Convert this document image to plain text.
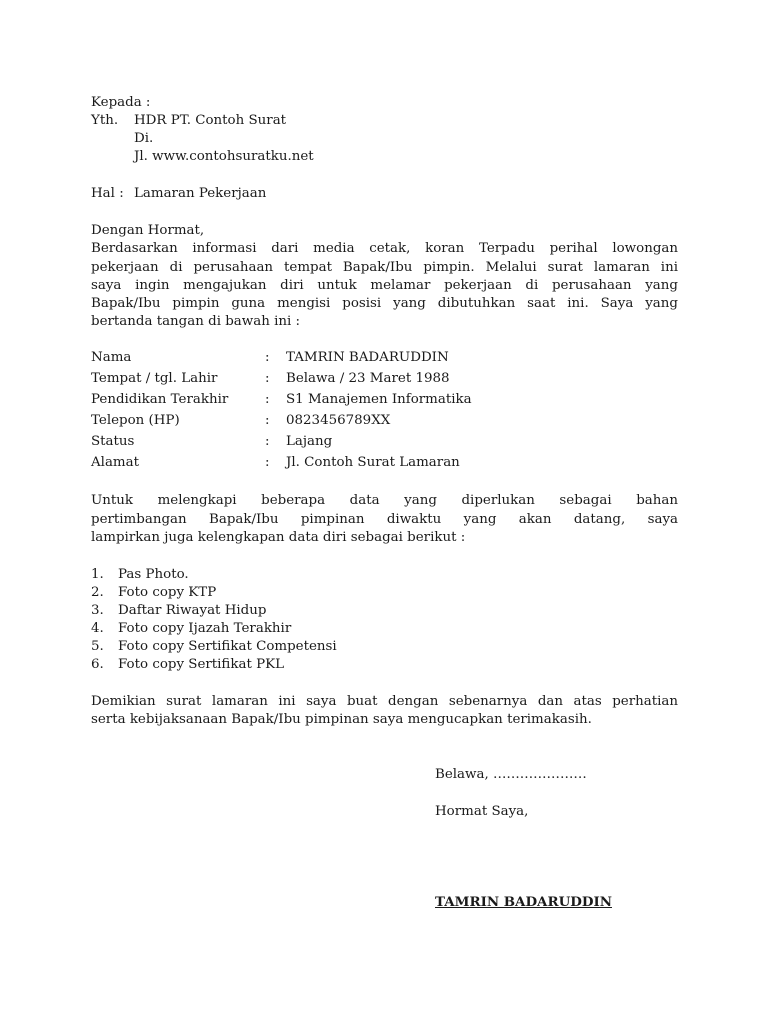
Kepada :
Yth. HDR PT. Contoh Surat
Di.
Jl. www.contohsuratku.net
Hal : Lamaran Pekerjaan
Dengan Hormat,
Berdasarkan informasi dari media cetak, koran Terpadu perihal lowongan
pekerjaan di perusahaan tempat Bapak/Ibu pimpin. Melalui surat lamaran ini
saya ingin mengajukan diri untuk melamar pekerjaan di perusahaan yang
Bapak/Ibu pimpin guna mengisi posisi yang dibutuhkan saat ini. Saya yang
bertanda tangan di bawah ini :
Nama	: TAMRIN BADARUDDIN
Tempat / tgl. Lahir	: Belawa / 23 Maret 1988
Pendidikan Terakhir	: S1 Manajemen Informatika
Telepon (HP)	: 0823456789XX
Status	: Lajang
Alamat	: Jl. Contoh Surat Lamaran
Untuk melengkapi beberapa data yang diperlukan sebagai bahan
pertimbangan Bapak/Ibu pimpinan diwaktu yang akan datang, saya
lampirkan juga kelengkapan data diri sebagai berikut :
1. Pas Photo.
2. Foto copy KTP
3. Daftar Riwayat Hidup
4. Foto copy Ijazah Terakhir
5. Foto copy Sertifikat Competensi
6. Foto copy Sertifikat PKL
Demikian surat lamaran ini saya buat dengan sebenarnya dan atas perhatian
serta kebijaksanaan Bapak/Ibu pimpinan saya mengucapkan terimakasih.
Belawa, …………………
Hormat Saya,
TAMRIN BADARUDDIN
